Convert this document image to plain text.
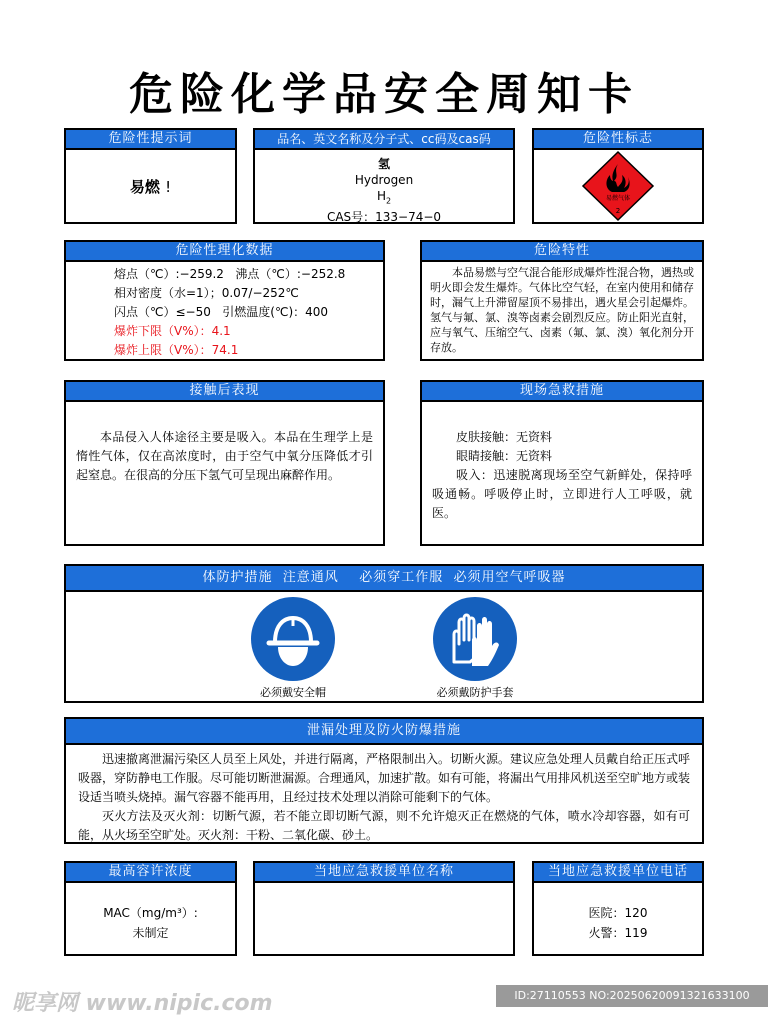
危险化学品安全周知卡
危险性提示词
易燃 !
品名、英文名称及分子式、cc码及cas码
氢
Hydrogen
$H_2$
CAS号：133−74−0
危险性标志
易燃气体
2
危险性理化数据
熔点（℃）:−259.2   沸点（℃）:−252.8
相对密度（水=1）；0.07/−252℃
闪点（℃）≤−50   引燃温度(℃)：400
爆炸下限（V%）：4.1
爆炸上限（V%）：74.1
危险特性
本品易燃与空气混合能形成爆炸性混合物，遇热或明火即会发生爆炸。气体比空气轻，在室内使用和储存时，漏气上升滞留屋顶不易排出，遇火星会引起爆炸。氢气与氟、氯、溴等卤素会剧烈反应。防止阳光直射，应与氧气、压缩空气、卤素（氟、氯、溴）氧化剂分开存放。
接触后表现
本品侵入人体途径主要是吸入。本品在生理学上是惰性气体，仅在高浓度时，由于空气中氧分压降低才引起窒息。在很高的分压下氢气可呈现出麻醉作用。
现场急救措施
皮肤接触：无资料
眼睛接触：无资料
吸入：迅速脱离现场至空气新鲜处，保持呼吸通畅。呼吸停止时，立即进行人工呼吸，就医。
体防护措施  注意通风    必须穿工作服  必须用空气呼吸器
必须戴安全帽	必须戴防护手套
泄漏处理及防火防爆措施
迅速撤离泄漏污染区人员至上风处，并进行隔离，严格限制出入。切断火源。建议应急处理人员戴自给正压式呼吸器，穿防静电工作服。尽可能切断泄漏源。合理通风，加速扩散。如有可能，将漏出气用排风机送至空旷地方或装设适当喷头烧掉。漏气容器不能再用，且经过技术处理以消除可能剩下的气体。
灭火方法及灭火剂：切断气源，若不能立即切断气源，则不允许熄灭正在燃烧的气体，喷水冷却容器，如有可能，从火场至空旷处。灭火剂：干粉、二氧化碳、砂土。
最高容许浓度
MAC（mg/m³）:
未制定
当地应急救援单位名称	当地应急救援单位电话
医院：120
火警：119
昵享网 www.nipic.com	ID:27110553 NO:20250620091321633100
